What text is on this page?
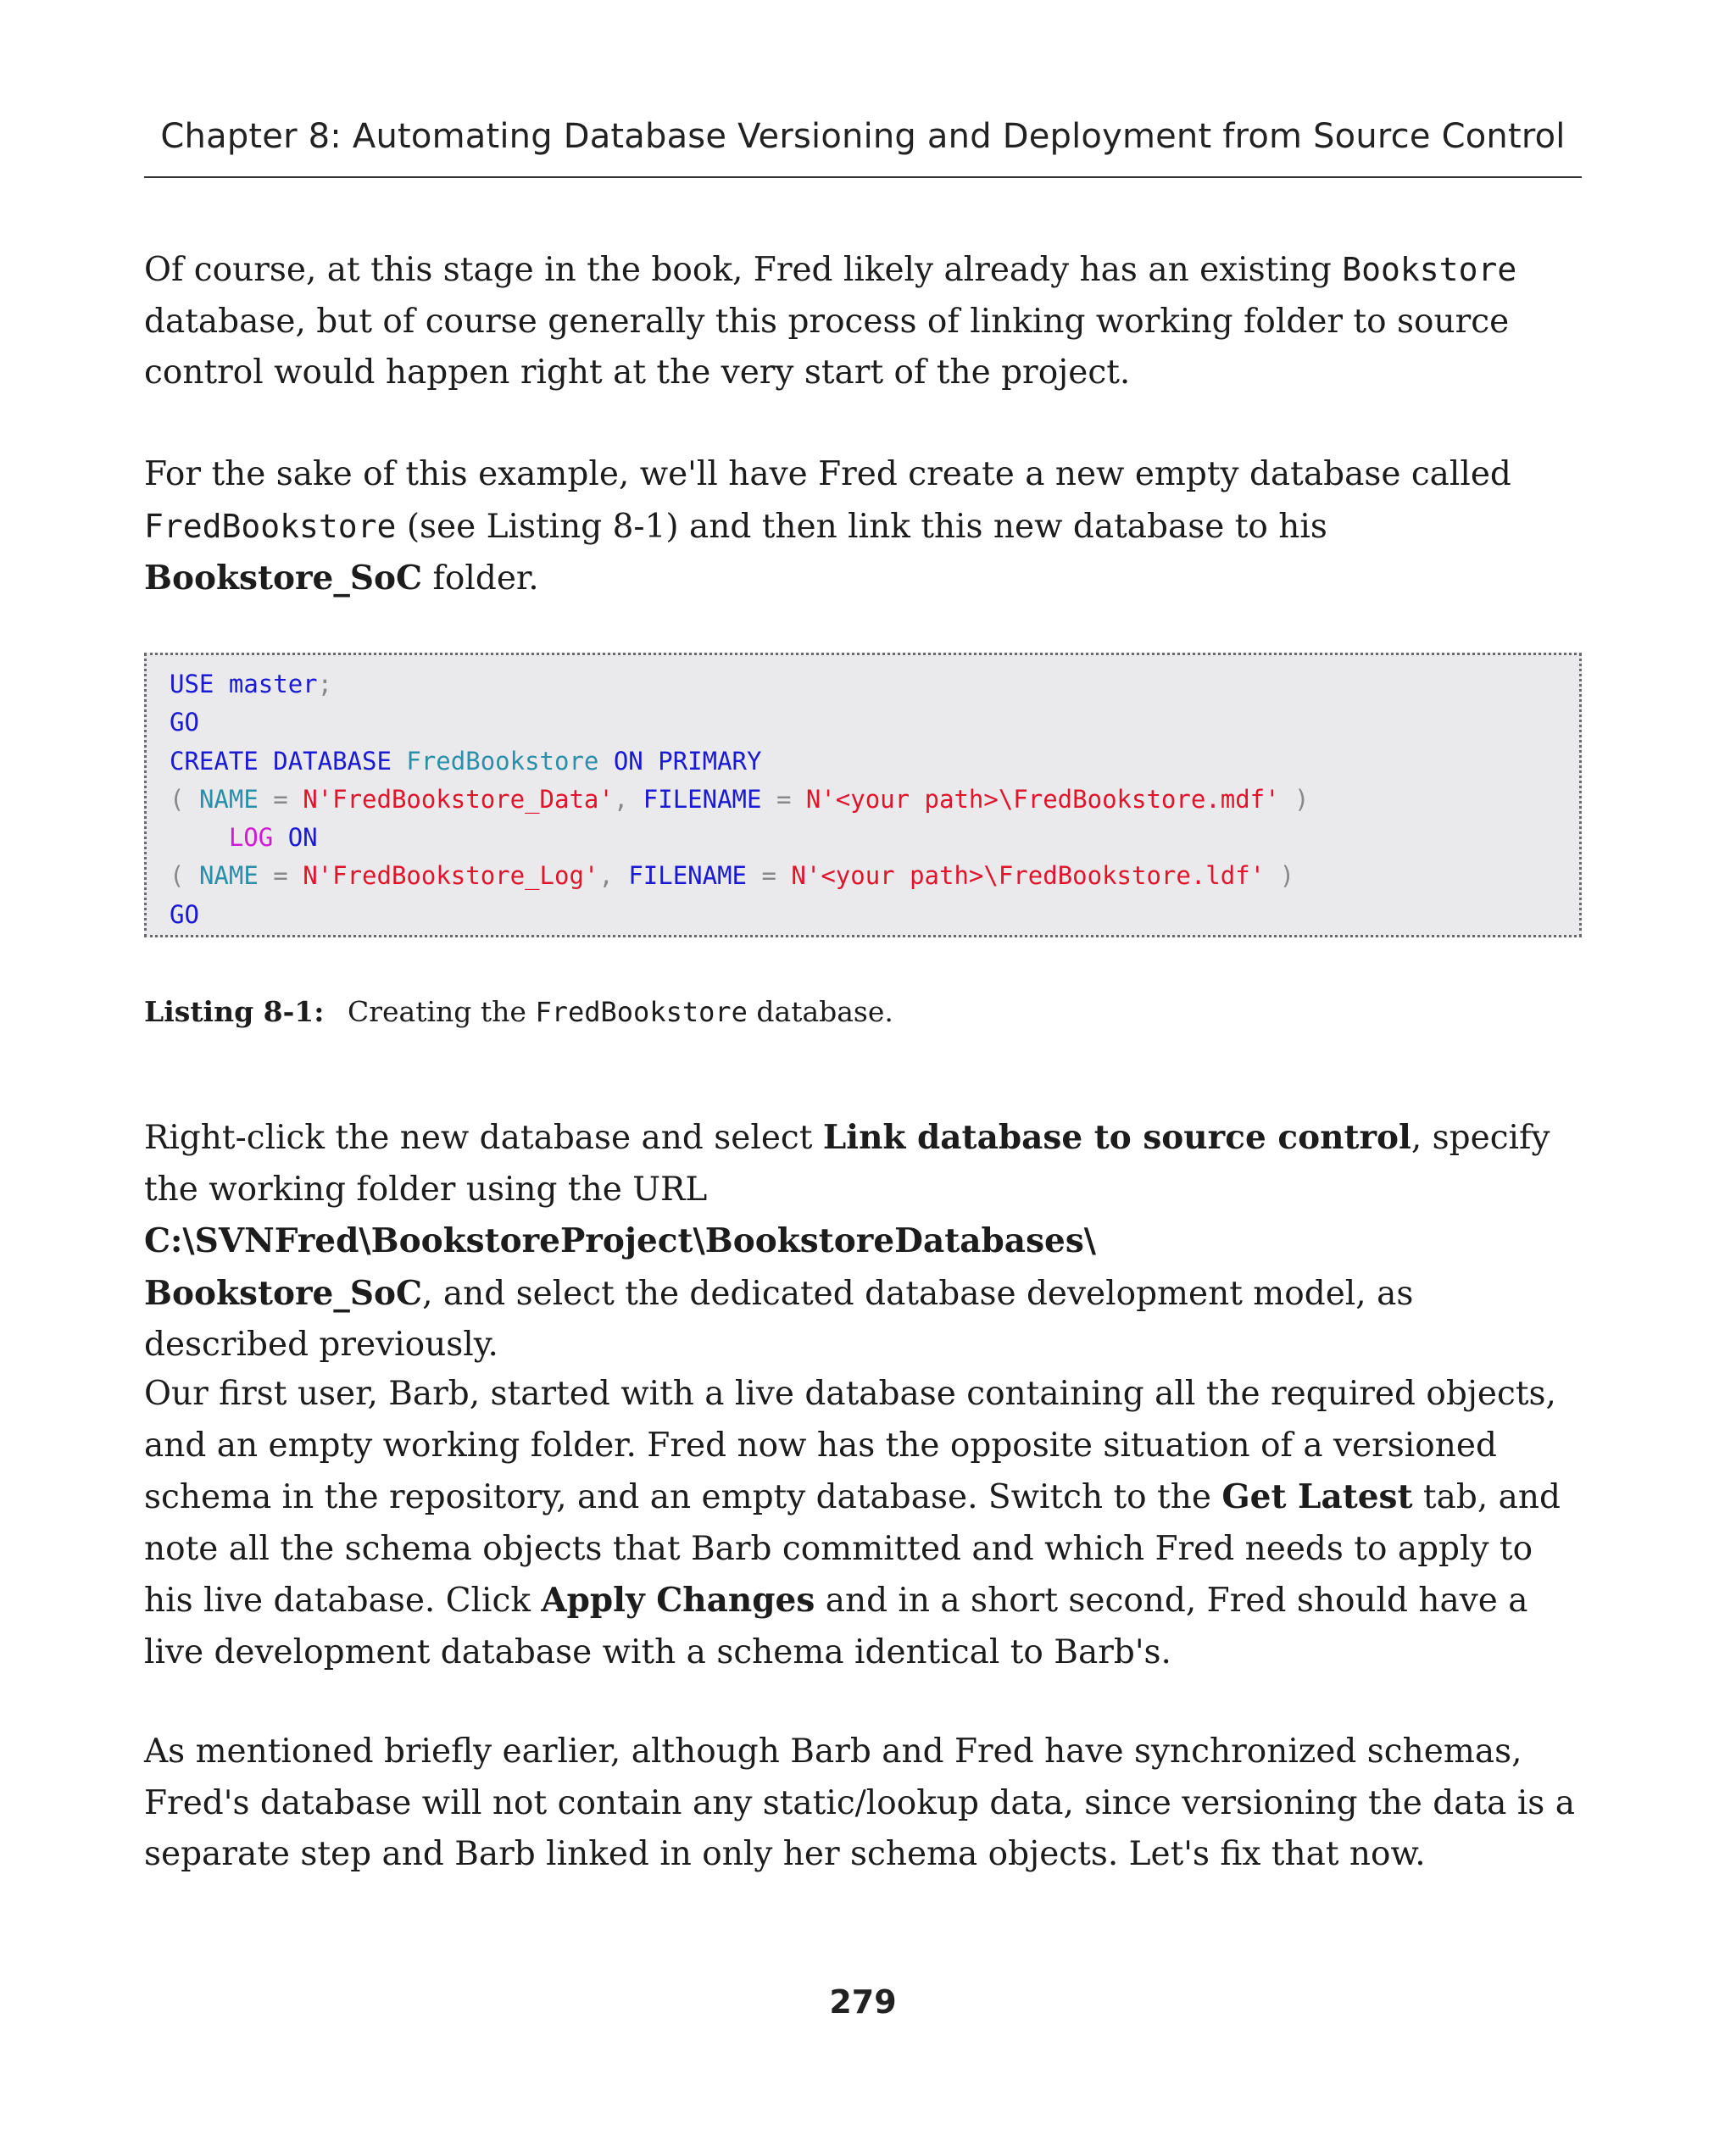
Chapter 8: Automating Database Versioning and Deployment from Source Control

Of course, at this stage in the book, Fred likely already has an existing Bookstore database, but of course generally this process of linking working folder to source control would happen right at the very start of the project.

For the sake of this example, we'll have Fred create a new empty database called FredBookstore (see Listing 8-1) and then link this new database to his
Bookstore_SoC folder.

USE master;
GO
CREATE DATABASE FredBookstore ON PRIMARY
( NAME = N'FredBookstore_Data', FILENAME = N'<your path>\FredBookstore.mdf' )
LOG ON
( NAME = N'FredBookstore_Log', FILENAME = N'<your path>\FredBookstore.ldf' )
GO
Listing 8-1: Creating the FredBookstore database.

Right-click the new database and select Link database to source control, specify the working folder using the URL C:\SVNFred\BookstoreProject\BookstoreDatabases\
Bookstore_SoC, and select the dedicated database development model, as described previously.

Our first user, Barb, started with a live database containing all the required objects, and an empty working folder. Fred now has the opposite situation of a versioned schema in the repository, and an empty database. Switch to the Get Latest tab, and note all the schema objects that Barb committed and which Fred needs to apply to his live database. Click Apply Changes and in a short second, Fred should have a live development database with a schema identical to Barb's.

As mentioned briefly earlier, although Barb and Fred have synchronized schemas, Fred's database will not contain any static/lookup data, since versioning the data is a separate step and Barb linked in only her schema objects. Let's fix that now.

279
